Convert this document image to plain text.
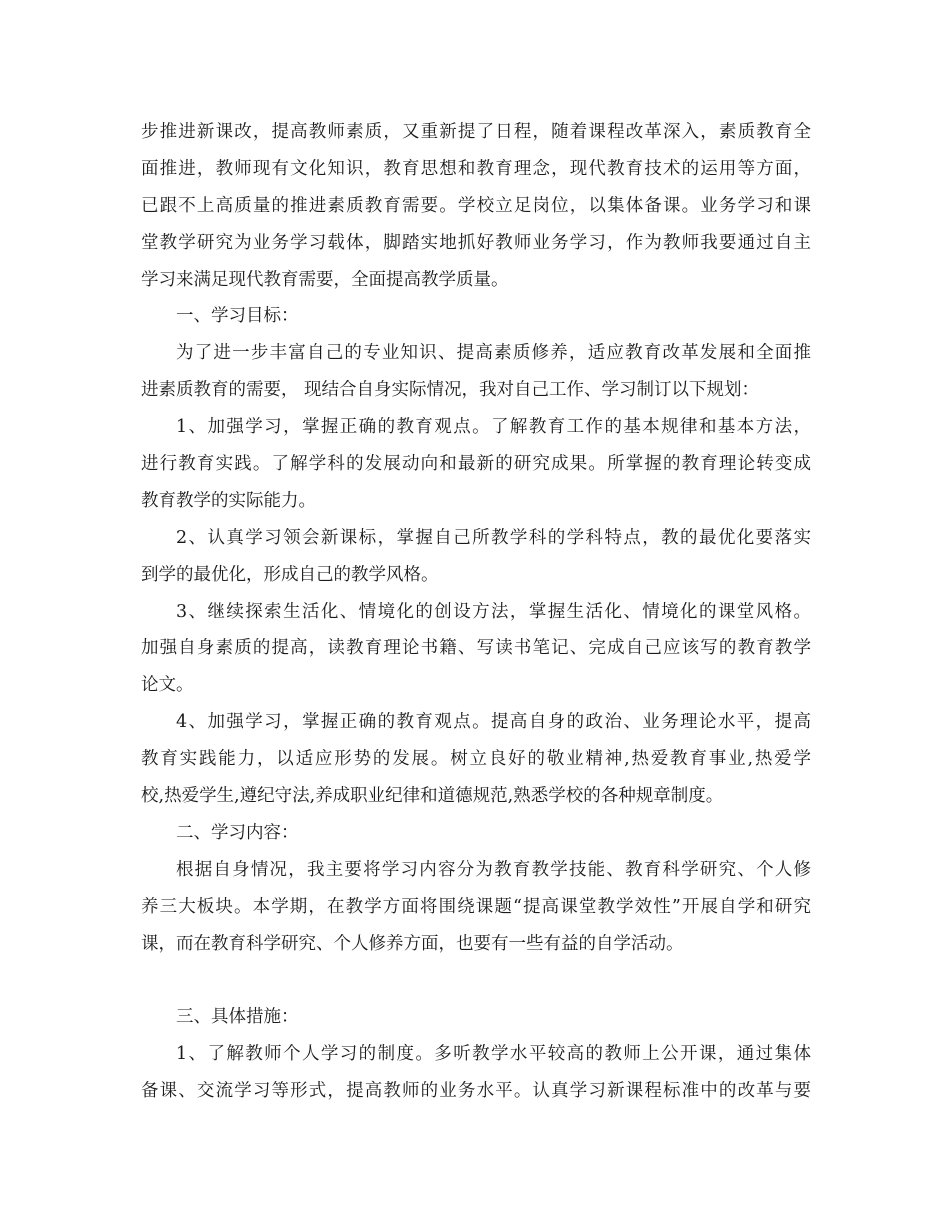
步推进新课改，提高教师素质，又重新提了日程，随着课程改革深入，素质教育全
面推进，教师现有文化知识，教育思想和教育理念，现代教育技术的运用等方面，
已跟不上高质量的推进素质教育需要。学校立足岗位，以集体备课。业务学习和课
堂教学研究为业务学习载体，脚踏实地抓好教师业务学习，作为教师我要通过自主
学习来满足现代教育需要，全面提高教学质量。
一、学习目标：
为了进一步丰富自己的专业知识、提高素质修养，适应教育改革发展和全面推
进素质教育的需要， 现结合自身实际情况，我对自己工作、学习制订以下规划：
1、加强学习，掌握正确的教育观点。了解教育工作的基本规律和基本方法，
进行教育实践。了解学科的发展动向和最新的研究成果。所掌握的教育理论转变成
教育教学的实际能力。
2、认真学习领会新课标，掌握自己所教学科的学科特点，教的最优化要落实
到学的最优化，形成自己的教学风格。
3、继续探索生活化、情境化的创设方法，掌握生活化、情境化的课堂风格。
加强自身素质的提高，读教育理论书籍、写读书笔记、完成自己应该写的教育教学
论文。
4、加强学习，掌握正确的教育观点。提高自身的政治、业务理论水平，提高
教育实践能力，以适应形势的发展。树立良好的敬业精神,热爱教育事业,热爱学
校,热爱学生,遵纪守法,养成职业纪律和道德规范,熟悉学校的各种规章制度。
二、学习内容：
根据自身情况，我主要将学习内容分为教育教学技能、教育科学研究、个人修
养三大板块。本学期，在教学方面将围绕课题“提高课堂教学效性”开展自学和研究
课，而在教育科学研究、个人修养方面，也要有一些有益的自学活动。
三、具体措施：
1、了解教师个人学习的制度。多听教学水平较高的教师上公开课，通过集体
备课、交流学习等形式，提高教师的业务水平。认真学习新课程标准中的改革与要
